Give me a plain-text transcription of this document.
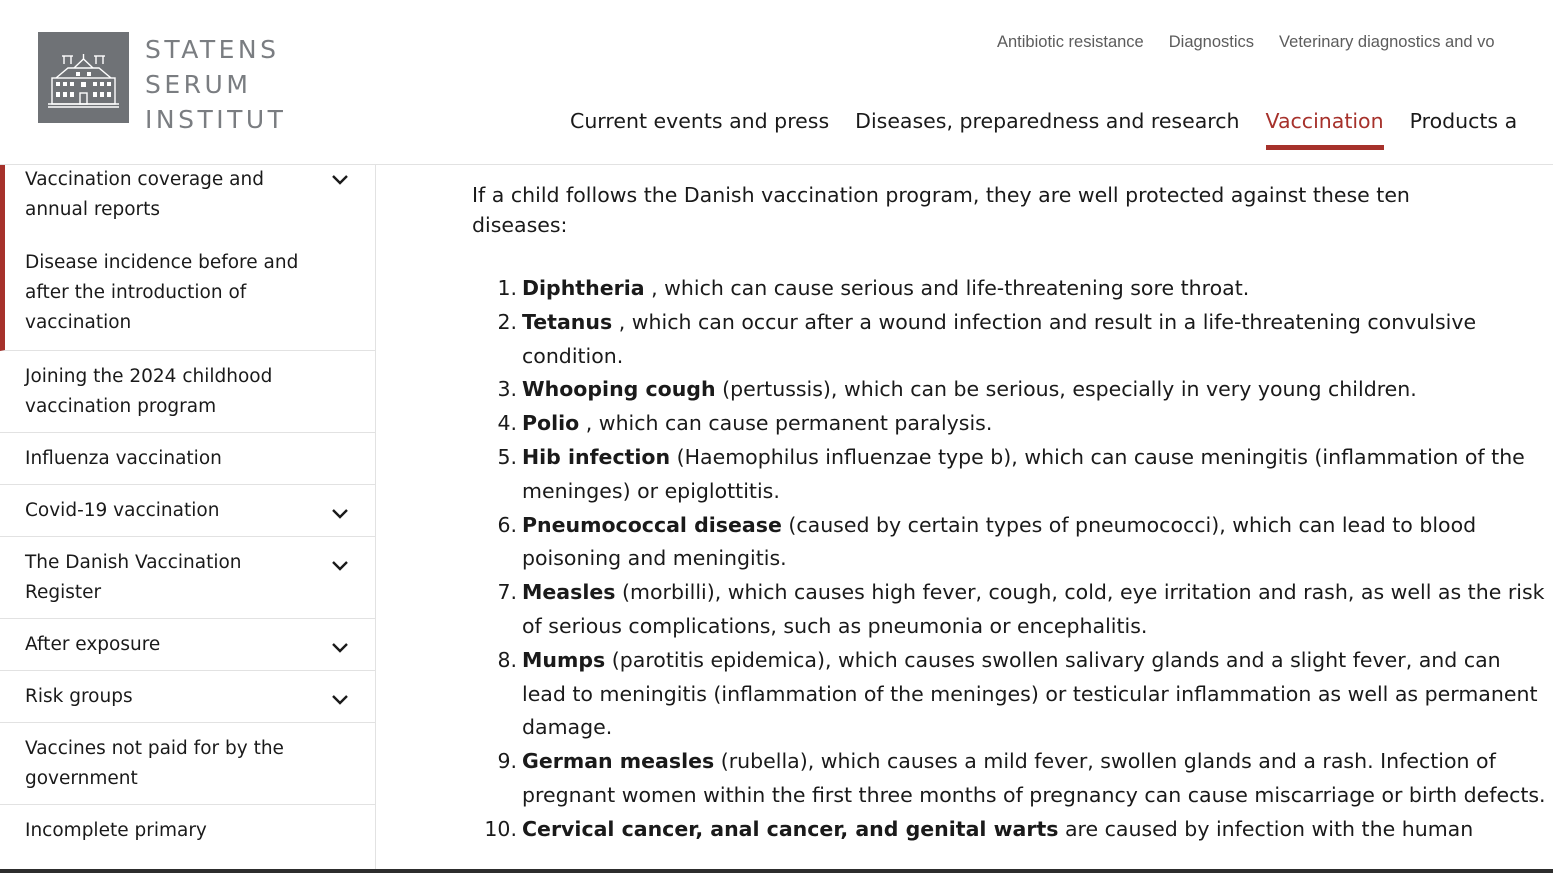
STATENS
SERUM
INSTITUT
Antibiotic resistance Diagnostics Veterinary diagnostics and vo
Current events and press Diseases, preparedness and research Vaccination Products a
Vaccination coverage and annual reports
Disease incidence before and after the introduction of vaccination
Joining the 2024 childhood vaccination program
Influenza vaccination
Covid-19 vaccination
The Danish Vaccination Register
After exposure
Risk groups
Vaccines not paid for by the government
Incomplete primary

If a child follows the Danish vaccination program, they are well protected against these ten diseases:

1. Diphtheria , which can cause serious and life-threatening sore throat.
2. Tetanus , which can occur after a wound infection and result in a life-threatening convulsive condition.
3. Whooping cough (pertussis), which can be serious, especially in very young children.
4. Polio , which can cause permanent paralysis.
5. Hib infection (Haemophilus influenzae type b), which can cause meningitis (inflammation of the meninges) or epiglottitis.
6. Pneumococcal disease (caused by certain types of pneumococci), which can lead to blood poisoning and meningitis.
7. Measles (morbilli), which causes high fever, cough, cold, eye irritation and rash, as well as the risk of serious complications, such as pneumonia or encephalitis.
8. Mumps (parotitis epidemica), which causes swollen salivary glands and a slight fever, and can lead to meningitis (inflammation of the meninges) or testicular inflammation as well as permanent damage.
9. German measles (rubella), which causes a mild fever, swollen glands and a rash. Infection of pregnant women within the first three months of pregnancy can cause miscarriage or birth defects.
10. Cervical cancer, anal cancer, and genital warts are caused by infection with the human
